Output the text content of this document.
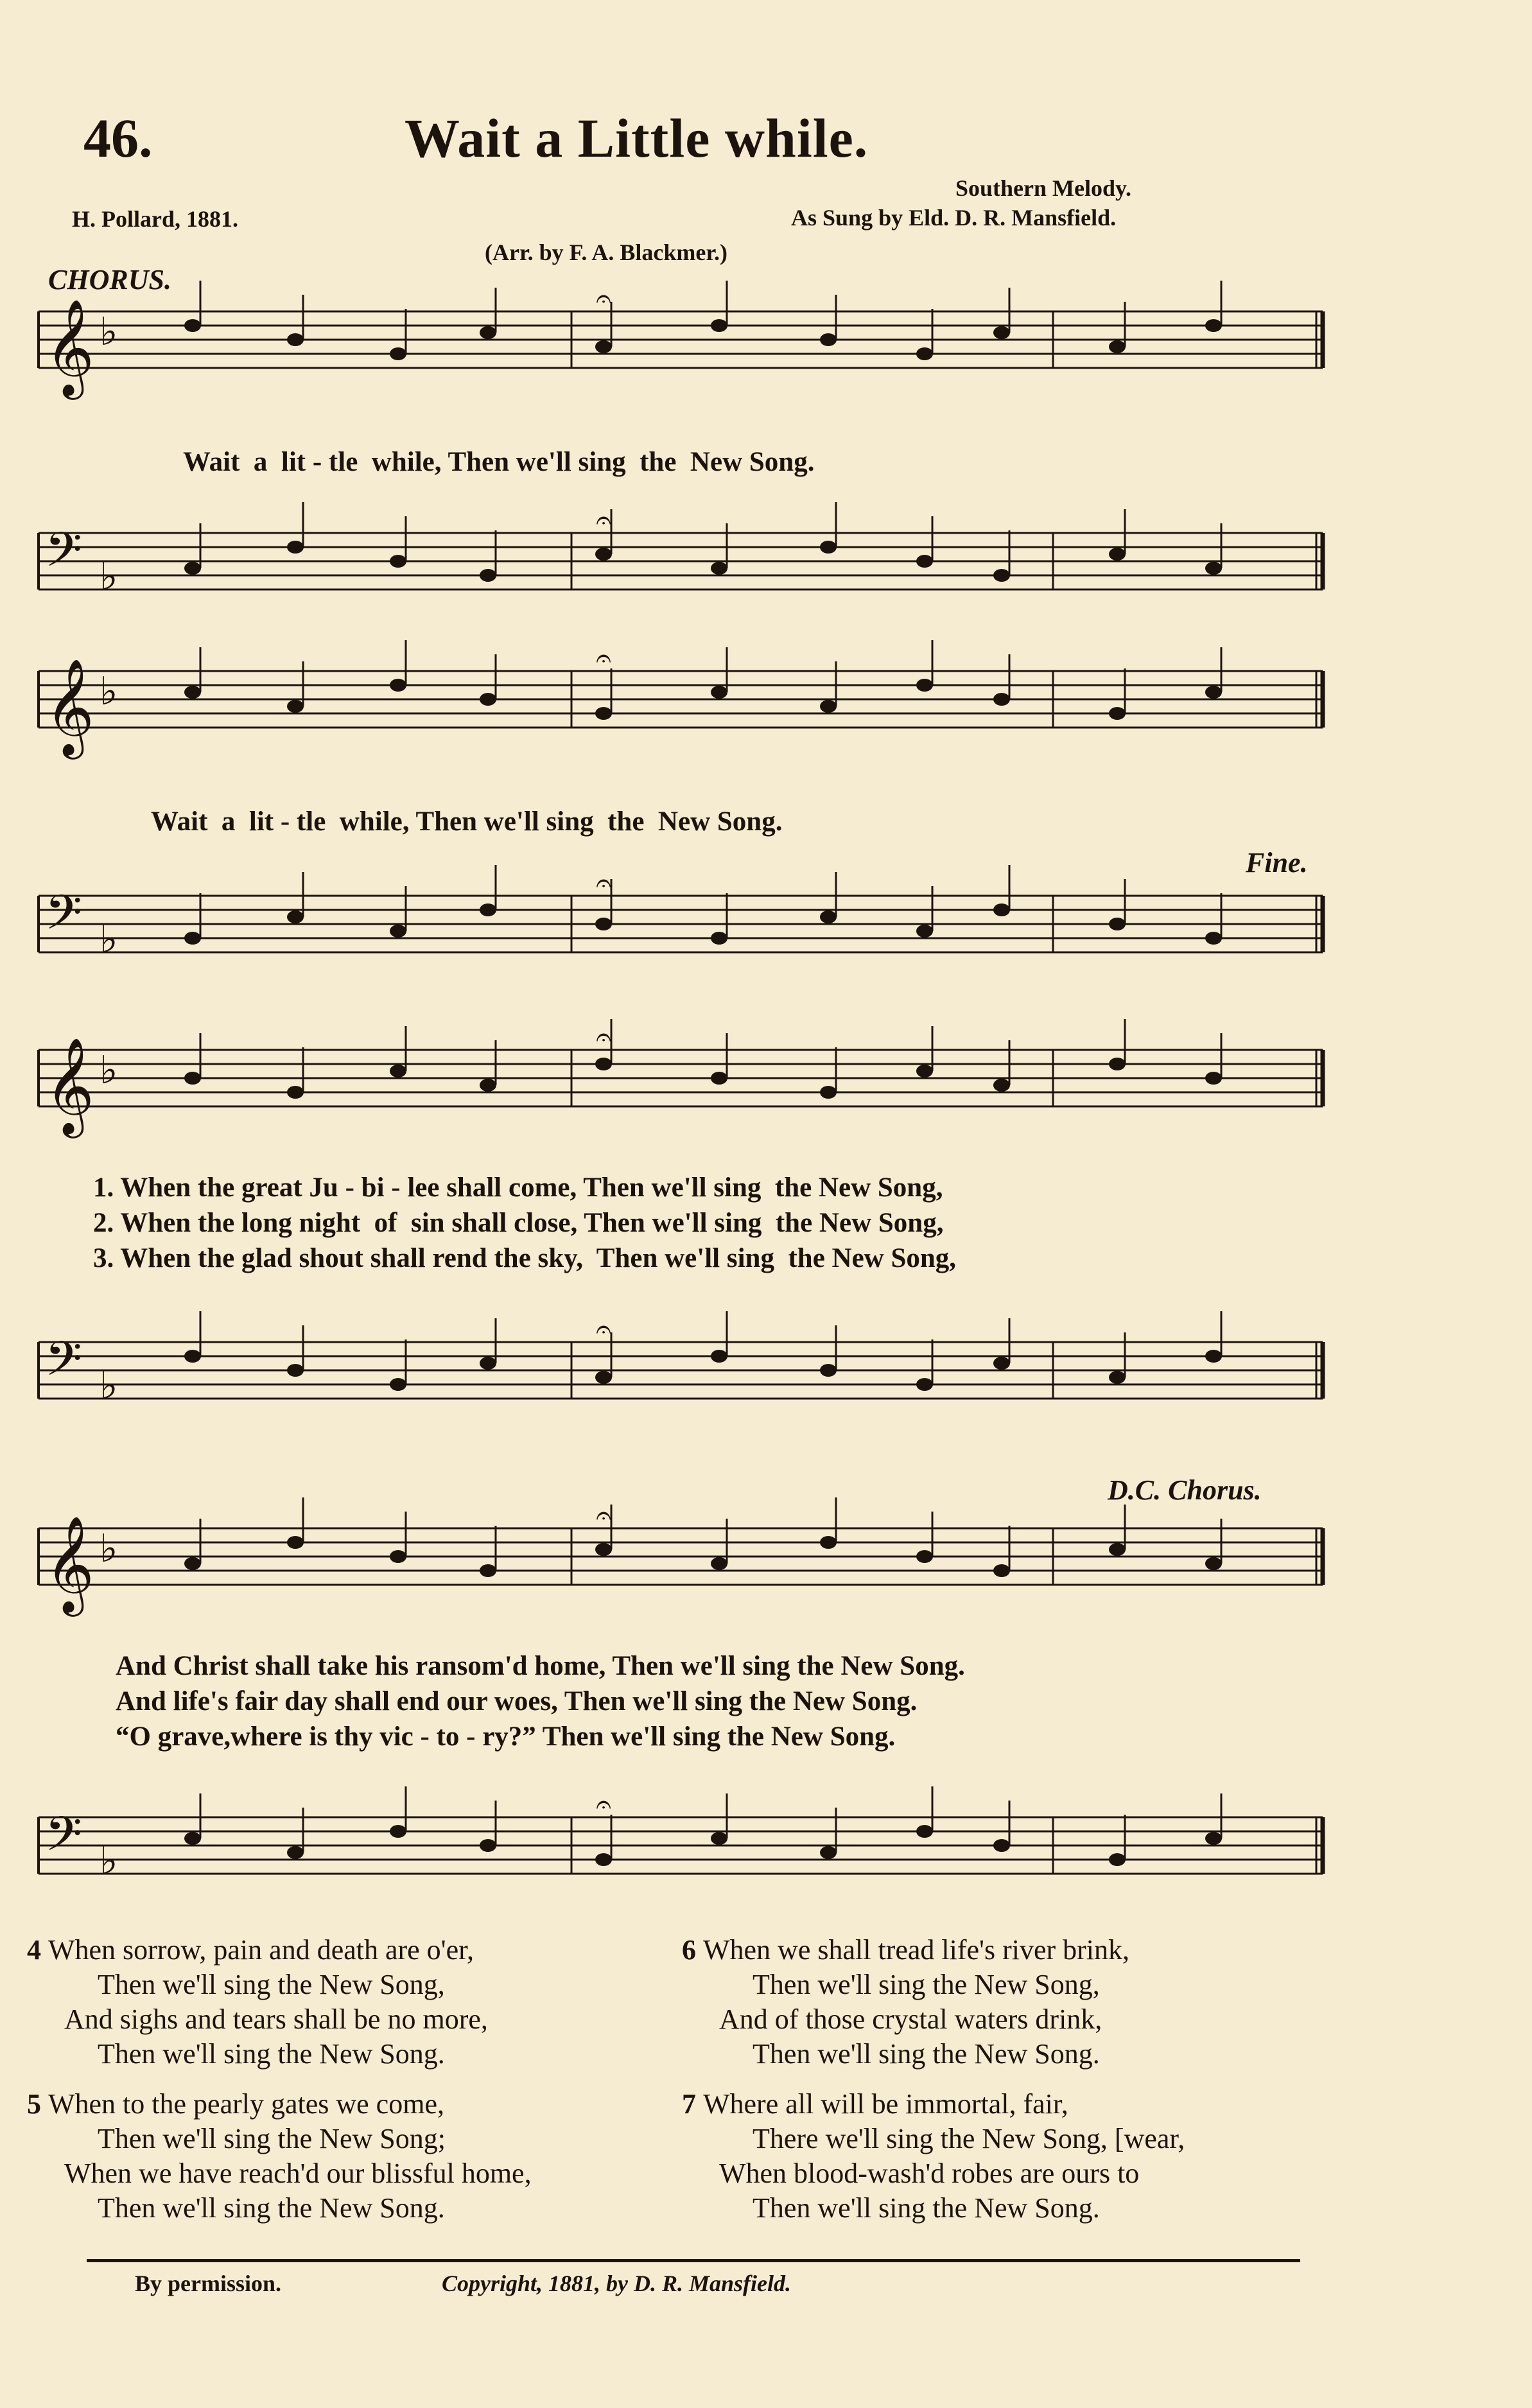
46.	Wait a Little while.
H. Pollard, 1881.
Southern Melody.
As Sung by Eld. D. R. Mansfield.
(Arr. by F. A. Blackmer.)
CHORUS.
Fine.
D.C. Chorus.
𝄞 ♭
𝄐
Wait  a  lit - tle  while, Then we'll sing  the  New Song.
𝄢 ♭
𝄐
𝄞 ♭
𝄐
Wait  a  lit - tle  while, Then we'll sing  the  New Song.
𝄢 ♭
𝄐
𝄞 ♭
𝄐
1. When the great Ju - bi - lee shall come, Then we'll sing  the New Song,
2. When the long night  of  sin shall close, Then we'll sing  the New Song,
3. When the glad shout shall rend the sky,  Then we'll sing  the New Song,
𝄢 ♭
𝄐
𝄞 ♭
𝄐
And Christ shall take his ransom'd home, Then we'll sing the New Song.
And life's fair day shall end our woes, Then we'll sing the New Song.
“O grave,where is thy vic - to - ry?” Then we'll sing the New Song.
𝄢 ♭
𝄐
4 When sorrow, pain and death are o'er,
Then we'll sing the New Song,
And sighs and tears shall be no more,
Then we'll sing the New Song.
5 When to the pearly gates we come,
Then we'll sing the New Song;
When we have reach'd our blissful home,
Then we'll sing the New Song.
6 When we shall tread life's river brink,
Then we'll sing the New Song,
And of those crystal waters drink,
Then we'll sing the New Song.
7 Where all will be immortal, fair,
There we'll sing the New Song, [wear,
When blood-wash'd robes are ours to
Then we'll sing the New Song.
By permission.	Copyright, 1881, by D. R. Mansfield.
